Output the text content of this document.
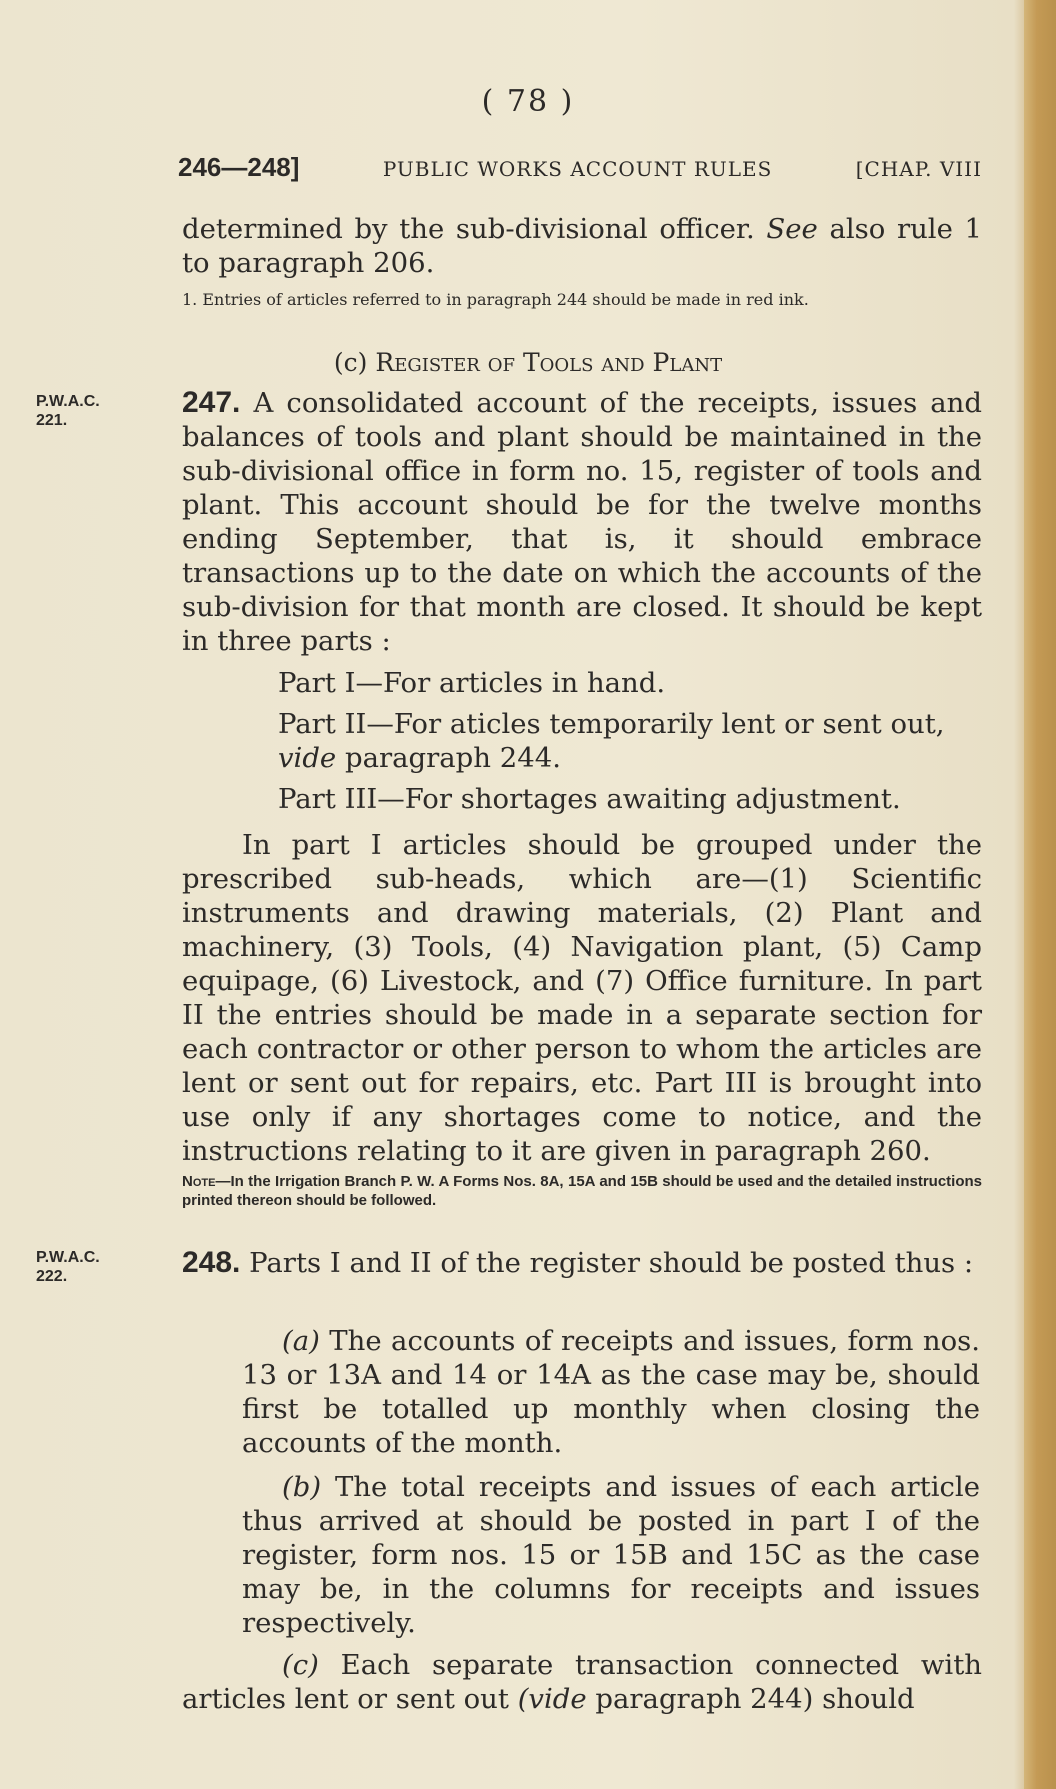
( 78 )
246—248]	PUBLIC WORKS ACCOUNT RULES	[CHAP. VIII

determined by the sub-divisional officer. See also rule 1 to paragraph 206.

1. Entries of articles referred to in paragraph 244 should be made in red ink.
(c) Register of Tools and Plant
P.W.A.C.
221.

247. A consolidated account of the receipts, issues and balances of tools and plant should be maintained in the sub-divisional office in form no. 15, register of tools and plant. This account should be for the twelve months ending September, that is, it should embrace transactions up to the date on which the accounts of the sub-division for that month are closed. It should be kept in three parts :

Part I—For articles in hand.
Part II—For aticles temporarily lent or sent out, vide paragraph 244.
Part III—For shortages awaiting adjustment.

In part I articles should be grouped under the prescribed sub-heads, which are—(1) Scientific instruments and drawing materials, (2) Plant and machinery, (3) Tools, (4) Navigation plant, (5) Camp equipage, (6) Livestock, and (7) Office furniture. In part II the entries should be made in a separate section for each contractor or other person to whom the articles are lent or sent out for repairs, etc. Part III is brought into use only if any shortages come to notice, and the instructions relating to it are given in paragraph 260.

Note—In the Irrigation Branch P. W. A Forms Nos. 8A, 15A and 15B should be used and the detailed instructions printed thereon should be followed.
P.W.A.C.
222.	248. Parts I and II of the register should be posted thus :

(a) The accounts of receipts and issues, form nos. 13 or 13A and 14 or 14A as the case may be, should first be totalled up monthly when closing the accounts of the month.

(b) The total receipts and issues of each article thus arrived at should be posted in part I of the register, form nos. 15 or 15B and 15C as the case may be, in the columns for receipts and issues respectively.

(c) Each separate transaction connected with articles lent or sent out (vide paragraph 244) should
